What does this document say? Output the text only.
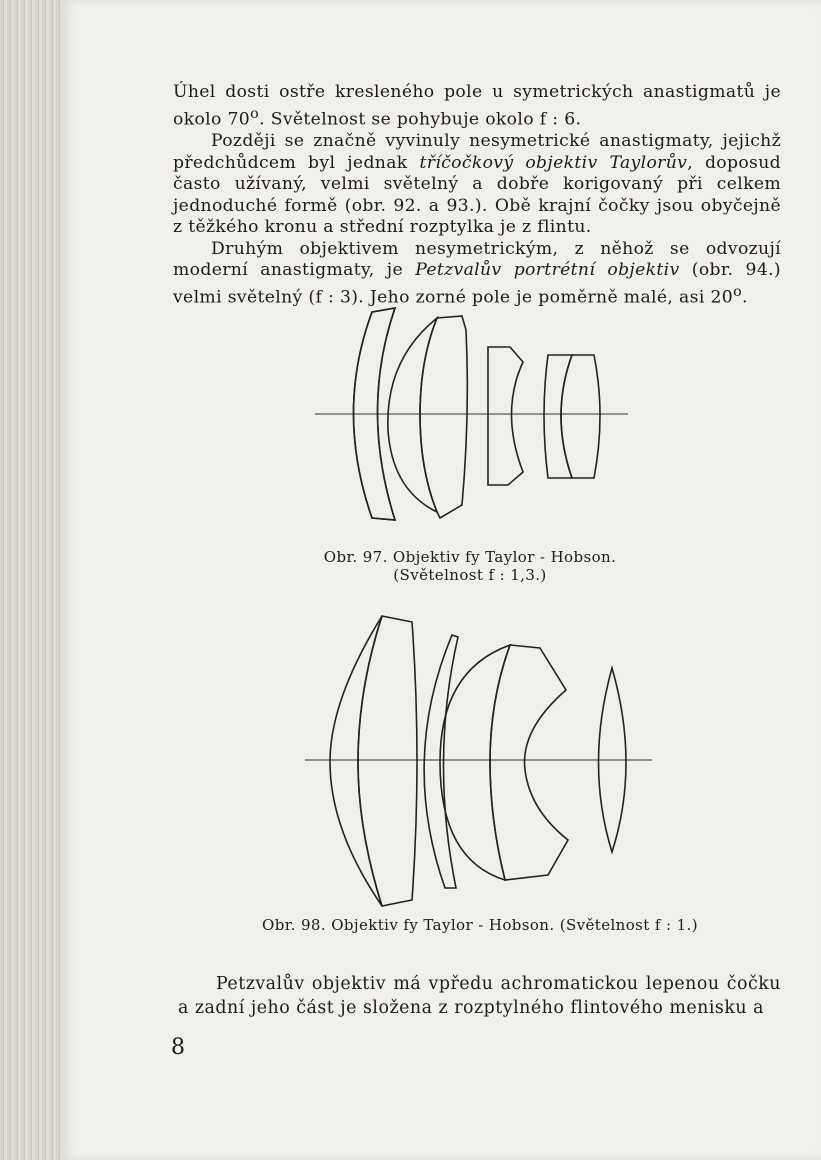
Úhel dosti ostře kresleného pole u symetrických anastigmatů je okolo 70$^o$. Světelnost se pohybuje okolo f : 6.

Později se značně vyvinuly nesymetrické anastigmaty, jejichž předchůdcem byl jednak tříčočkový objektiv Taylorův, doposud často užívaný, velmi světelný a dobře korigovaný při celkem jednoduché formě (obr. 92. a 93.). Obě krajní čočky jsou obyčejně z těžkého kronu a střední rozptylka je z flintu.

Druhým objektivem nesymetrickým, z něhož se odvozují moderní anastigmaty, je Petzvalův portrétní objektiv (obr. 94.) velmi světelný (f : 3). Jeho zorné pole je poměrně malé, asi 20$^o$.

Obr. 97. Objektiv fy Taylor - Hobson.
(Světelnost f : 1,3.)
Obr. 98. Objektiv fy Taylor - Hobson. (Světelnost f : 1.)

Petzvalův objektiv má vpředu achromatickou lepenou čočku a zadní jeho část je složena z rozptylného flintového menisku a

8
